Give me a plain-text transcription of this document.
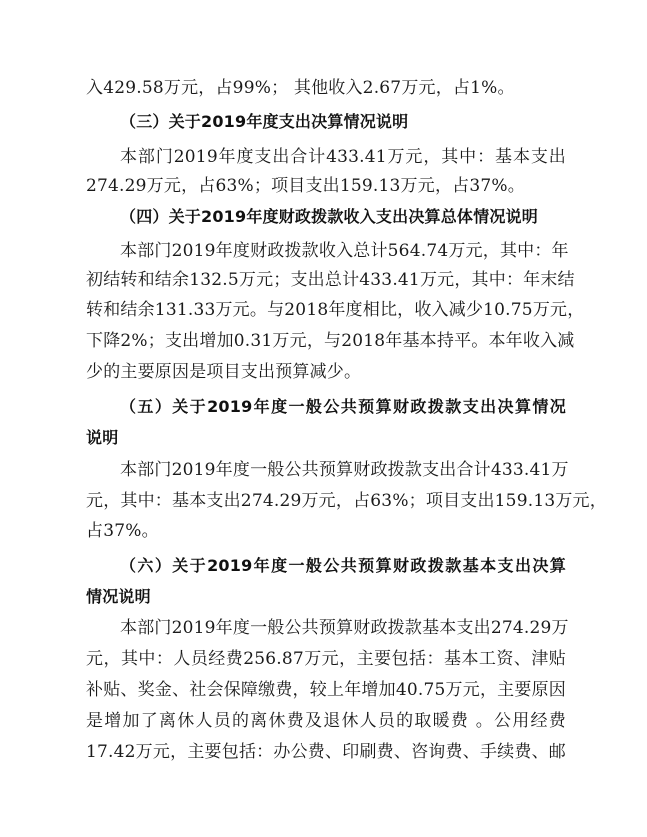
入429.58万元，占99%； 其他收入2.67万元，占1%。
（三）关于2019年度支出决算情况说明
本部门2019年度支出合计433.41万元，其中：基本支出
274.29万元，占63%；项目支出159.13万元，占37%。
（四）关于2019年度财政拨款收入支出决算总体情况说明
本部门2019年度财政拨款收入总计564.74万元，其中：年
初结转和结余132.5万元；支出总计433.41万元，其中：年末结
转和结余131.33万元。与2018年度相比，收入减少10.75万元，
下降2%；支出增加0.31万元，与2018年基本持平。本年收入减
少的主要原因是项目支出预算减少。
（五）关于2019年度一般公共预算财政拨款支出决算情况
说明
本部门2019年度一般公共预算财政拨款支出合计433.41万
元，其中：基本支出274.29万元，占63%；项目支出159.13万元，
占37%。
（六）关于2019年度一般公共预算财政拨款基本支出决算
情况说明
本部门2019年度一般公共预算财政拨款基本支出274.29万
元，其中：人员经费256.87万元，主要包括：基本工资、津贴
补贴、奖金、社会保障缴费，较上年增加40.75万元，主要原因
是增加了离休人员的离休费及退休人员的取暖费 。公用经费
17.42万元，主要包括：办公费、印刷费、咨询费、手续费、邮
